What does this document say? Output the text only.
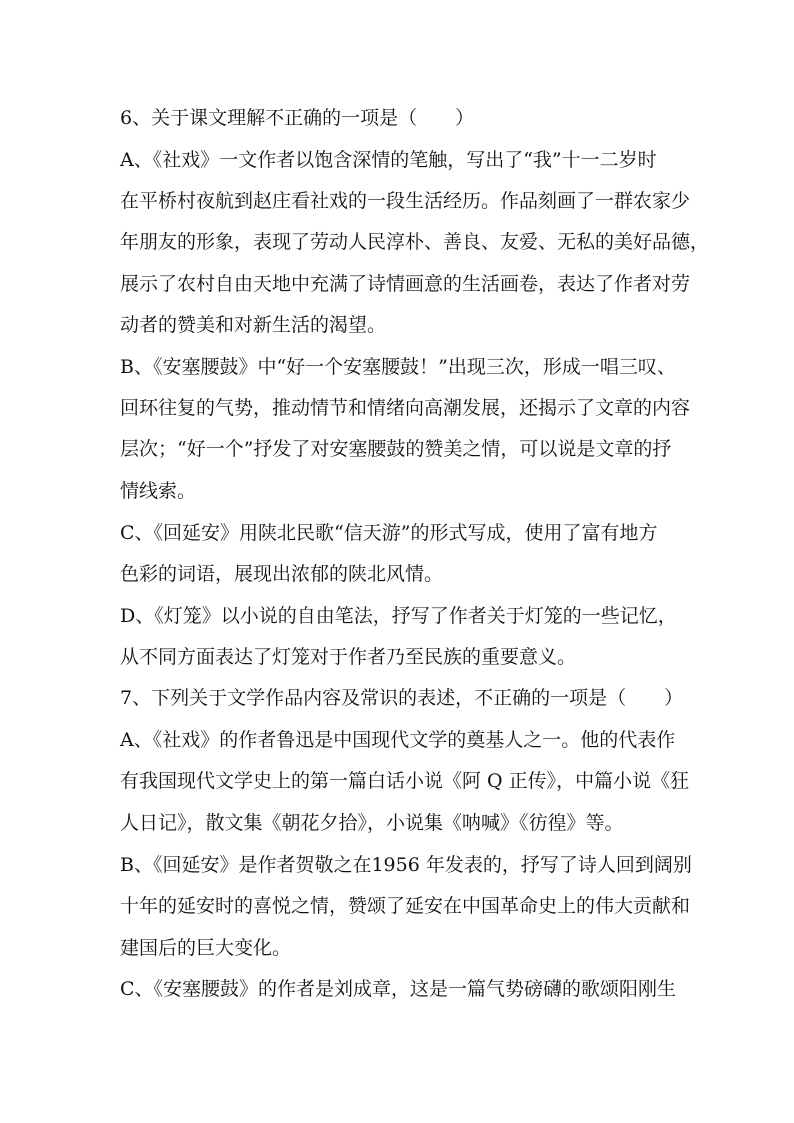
6、关于课文理解不正确的一项是（　　）
A、《社戏》一文作者以饱含深情的笔触，写出了“我”十一二岁时
在平桥村夜航到赵庄看社戏的一段生活经历。作品刻画了一群农家少
年朋友的形象，表现了劳动人民淳朴、善良、友爱、无私的美好品德，
展示了农村自由天地中充满了诗情画意的生活画卷，表达了作者对劳
动者的赞美和对新生活的渴望。
B、《安塞腰鼓》中“好一个安塞腰鼓！”出现三次，形成一唱三叹、
回环往复的气势，推动情节和情绪向高潮发展，还揭示了文章的内容
层次；“好一个”抒发了对安塞腰鼓的赞美之情，可以说是文章的抒
情线索。
C、《回延安》用陕北民歌“信天游”的形式写成，使用了富有地方
色彩的词语，展现出浓郁的陕北风情。
D、《灯笼》以小说的自由笔法，抒写了作者关于灯笼的一些记忆，
从不同方面表达了灯笼对于作者乃至民族的重要意义。
7、下列关于文学作品内容及常识的表述，不正确的一项是（　　）
A、《社戏》的作者鲁迅是中国现代文学的奠基人之一。他的代表作
有我国现代文学史上的第一篇白话小说《阿 Q 正传》，中篇小说《狂
人日记》，散文集《朝花夕拾》，小说集《呐喊》《彷徨》等。
B、《回延安》是作者贺敬之在1956 年发表的，抒写了诗人回到阔别
十年的延安时的喜悦之情，赞颂了延安在中国革命史上的伟大贡献和
建国后的巨大变化。
C、《安塞腰鼓》的作者是刘成章，这是一篇气势磅礴的歌颂阳刚生
